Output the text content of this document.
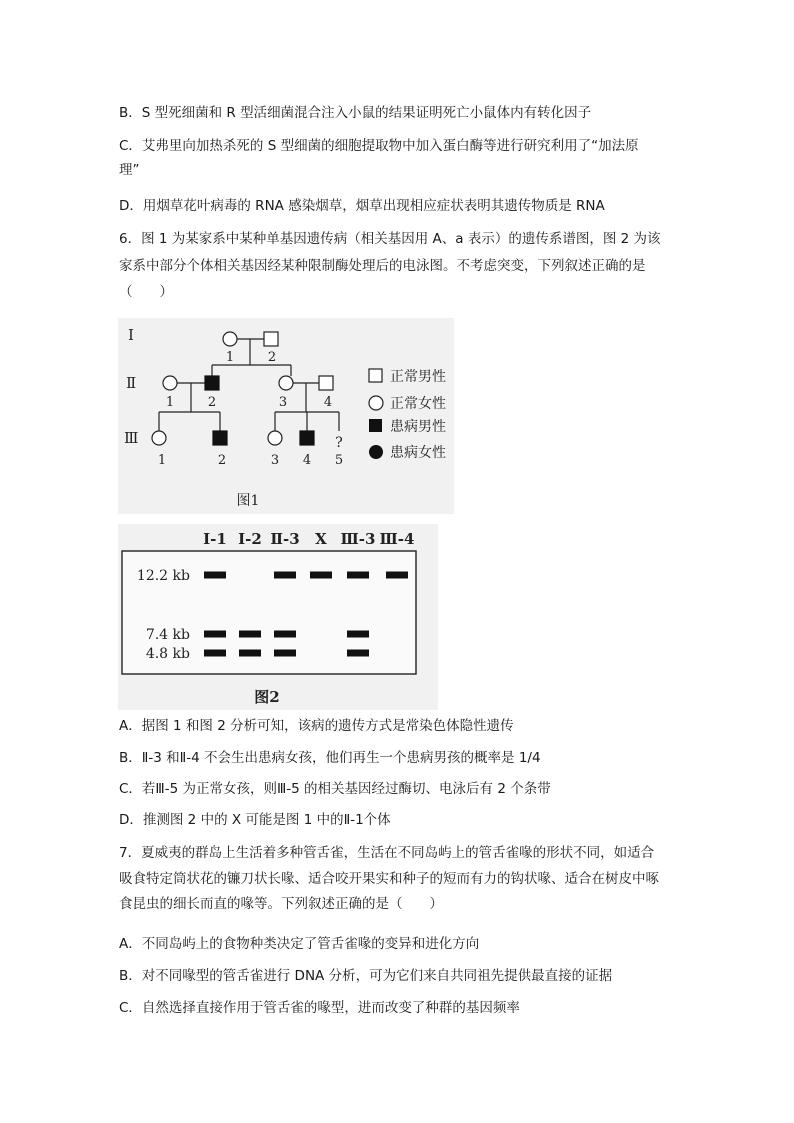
B．S 型死细菌和 R 型活细菌混合注入小鼠的结果证明死亡小鼠体内有转化因子
C．艾弗里向加热杀死的 S 型细菌的细胞提取物中加入蛋白酶等进行研究利用了“加法原
理”
D．用烟草花叶病毒的 RNA 感染烟草，烟草出现相应症状表明其遗传物质是 RNA
6．图 1 为某家系中某种单基因遗传病（相关基因用 A、a 表示）的遗传系谱图，图 2 为该
家系中部分个体相关基因经某种限制酶处理后的电泳图。不考虑突变，下列叙述正确的是
（　　）
?
Ⅰ
Ⅱ
Ⅲ
1	2
1	2	3	4
1	2	3 4 5
正常男性
正常女性
患病男性
患病女性
图1
Ⅰ-1 Ⅰ-2 Ⅱ-3 X Ⅲ-3 Ⅲ-4
12.2 kb
7.4 kb
4.8 kb
图2
A．据图 1 和图 2 分析可知，该病的遗传方式是常染色体隐性遗传
B．Ⅱ-3 和Ⅱ-4 不会生出患病女孩，他们再生一个患病男孩的概率是 1/4
C．若Ⅲ-5 为正常女孩，则Ⅲ-5 的相关基因经过酶切、电泳后有 2 个条带
D．推测图 2 中的 X 可能是图 1 中的Ⅱ-1个体
7．夏威夷的群岛上生活着多种管舌雀，生活在不同岛屿上的管舌雀喙的形状不同，如适合
吸食特定筒状花的镰刀状长喙、适合咬开果实和种子的短而有力的钩状喙、适合在树皮中啄
食昆虫的细长而直的喙等。下列叙述正确的是（　　）
A．不同岛屿上的食物种类决定了管舌雀喙的变异和进化方向
B．对不同喙型的管舌雀进行 DNA 分析，可为它们来自共同祖先提供最直接的证据
C．自然选择直接作用于管舌雀的喙型，进而改变了种群的基因频率
